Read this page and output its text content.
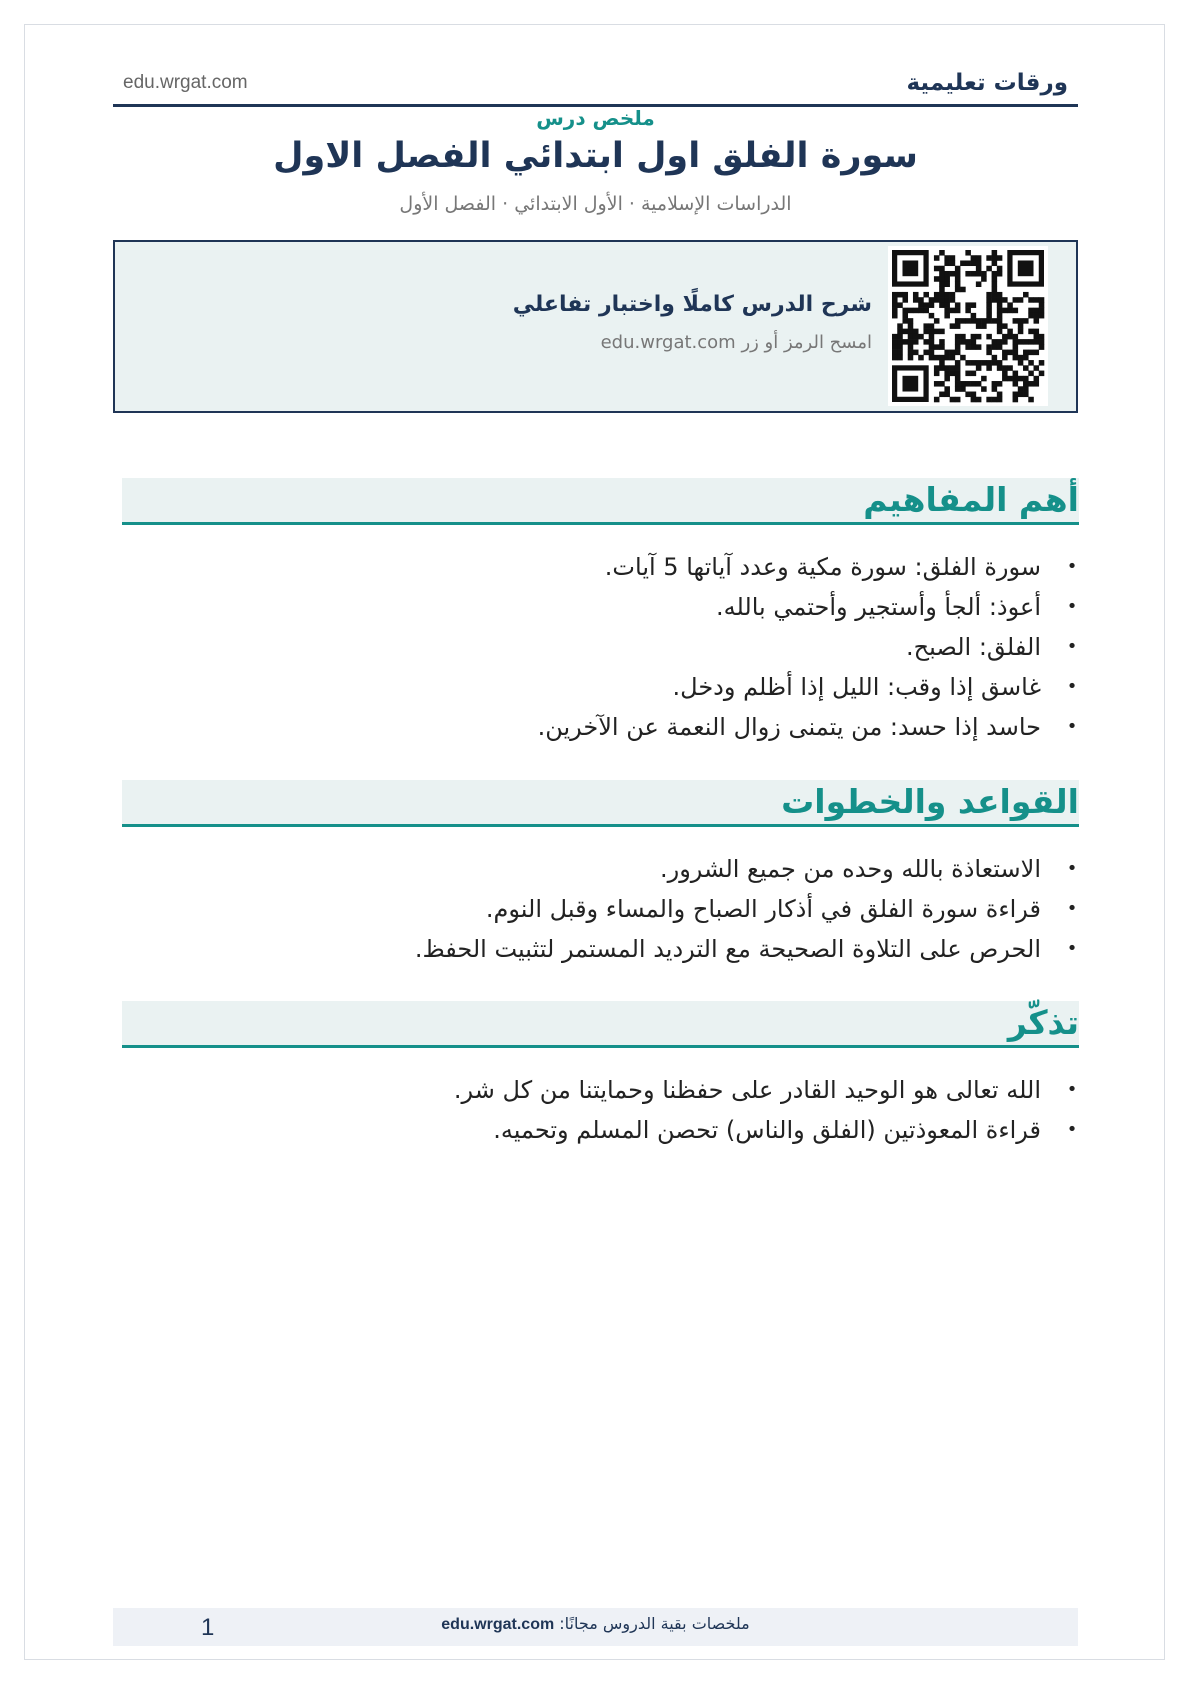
ورقات تعليمية
edu.wrgat.com
ملخص درس
سورة الفلق اول ابتدائي الفصل الاول
الدراسات الإسلامية · الأول الابتدائي · الفصل الأول
شرح الدرس كاملًا واختبار تفاعلي
امسح الرمز أو زر edu.wrgat.com
أهم المفاهيم
•
سورة الفلق: سورة مكية وعدد آياتها 5 آيات.
•
أعوذ: ألجأ وأستجير وأحتمي بالله.
•
الفلق: الصبح.
•
غاسق إذا وقب: الليل إذا أظلم ودخل.
•
حاسد إذا حسد: من يتمنى زوال النعمة عن الآخرين.
القواعد والخطوات
•
الاستعاذة بالله وحده من جميع الشرور.
•
قراءة سورة الفلق في أذكار الصباح والمساء وقبل النوم.
•
الحرص على التلاوة الصحيحة مع الترديد المستمر لتثبيت الحفظ.
تذكّر
•
الله تعالى هو الوحيد القادر على حفظنا وحمايتنا من كل شر.
•
قراءة المعوذتين (الفلق والناس) تحصن المسلم وتحميه.
ملخصات بقية الدروس مجانًا: edu.wrgat.com
1
